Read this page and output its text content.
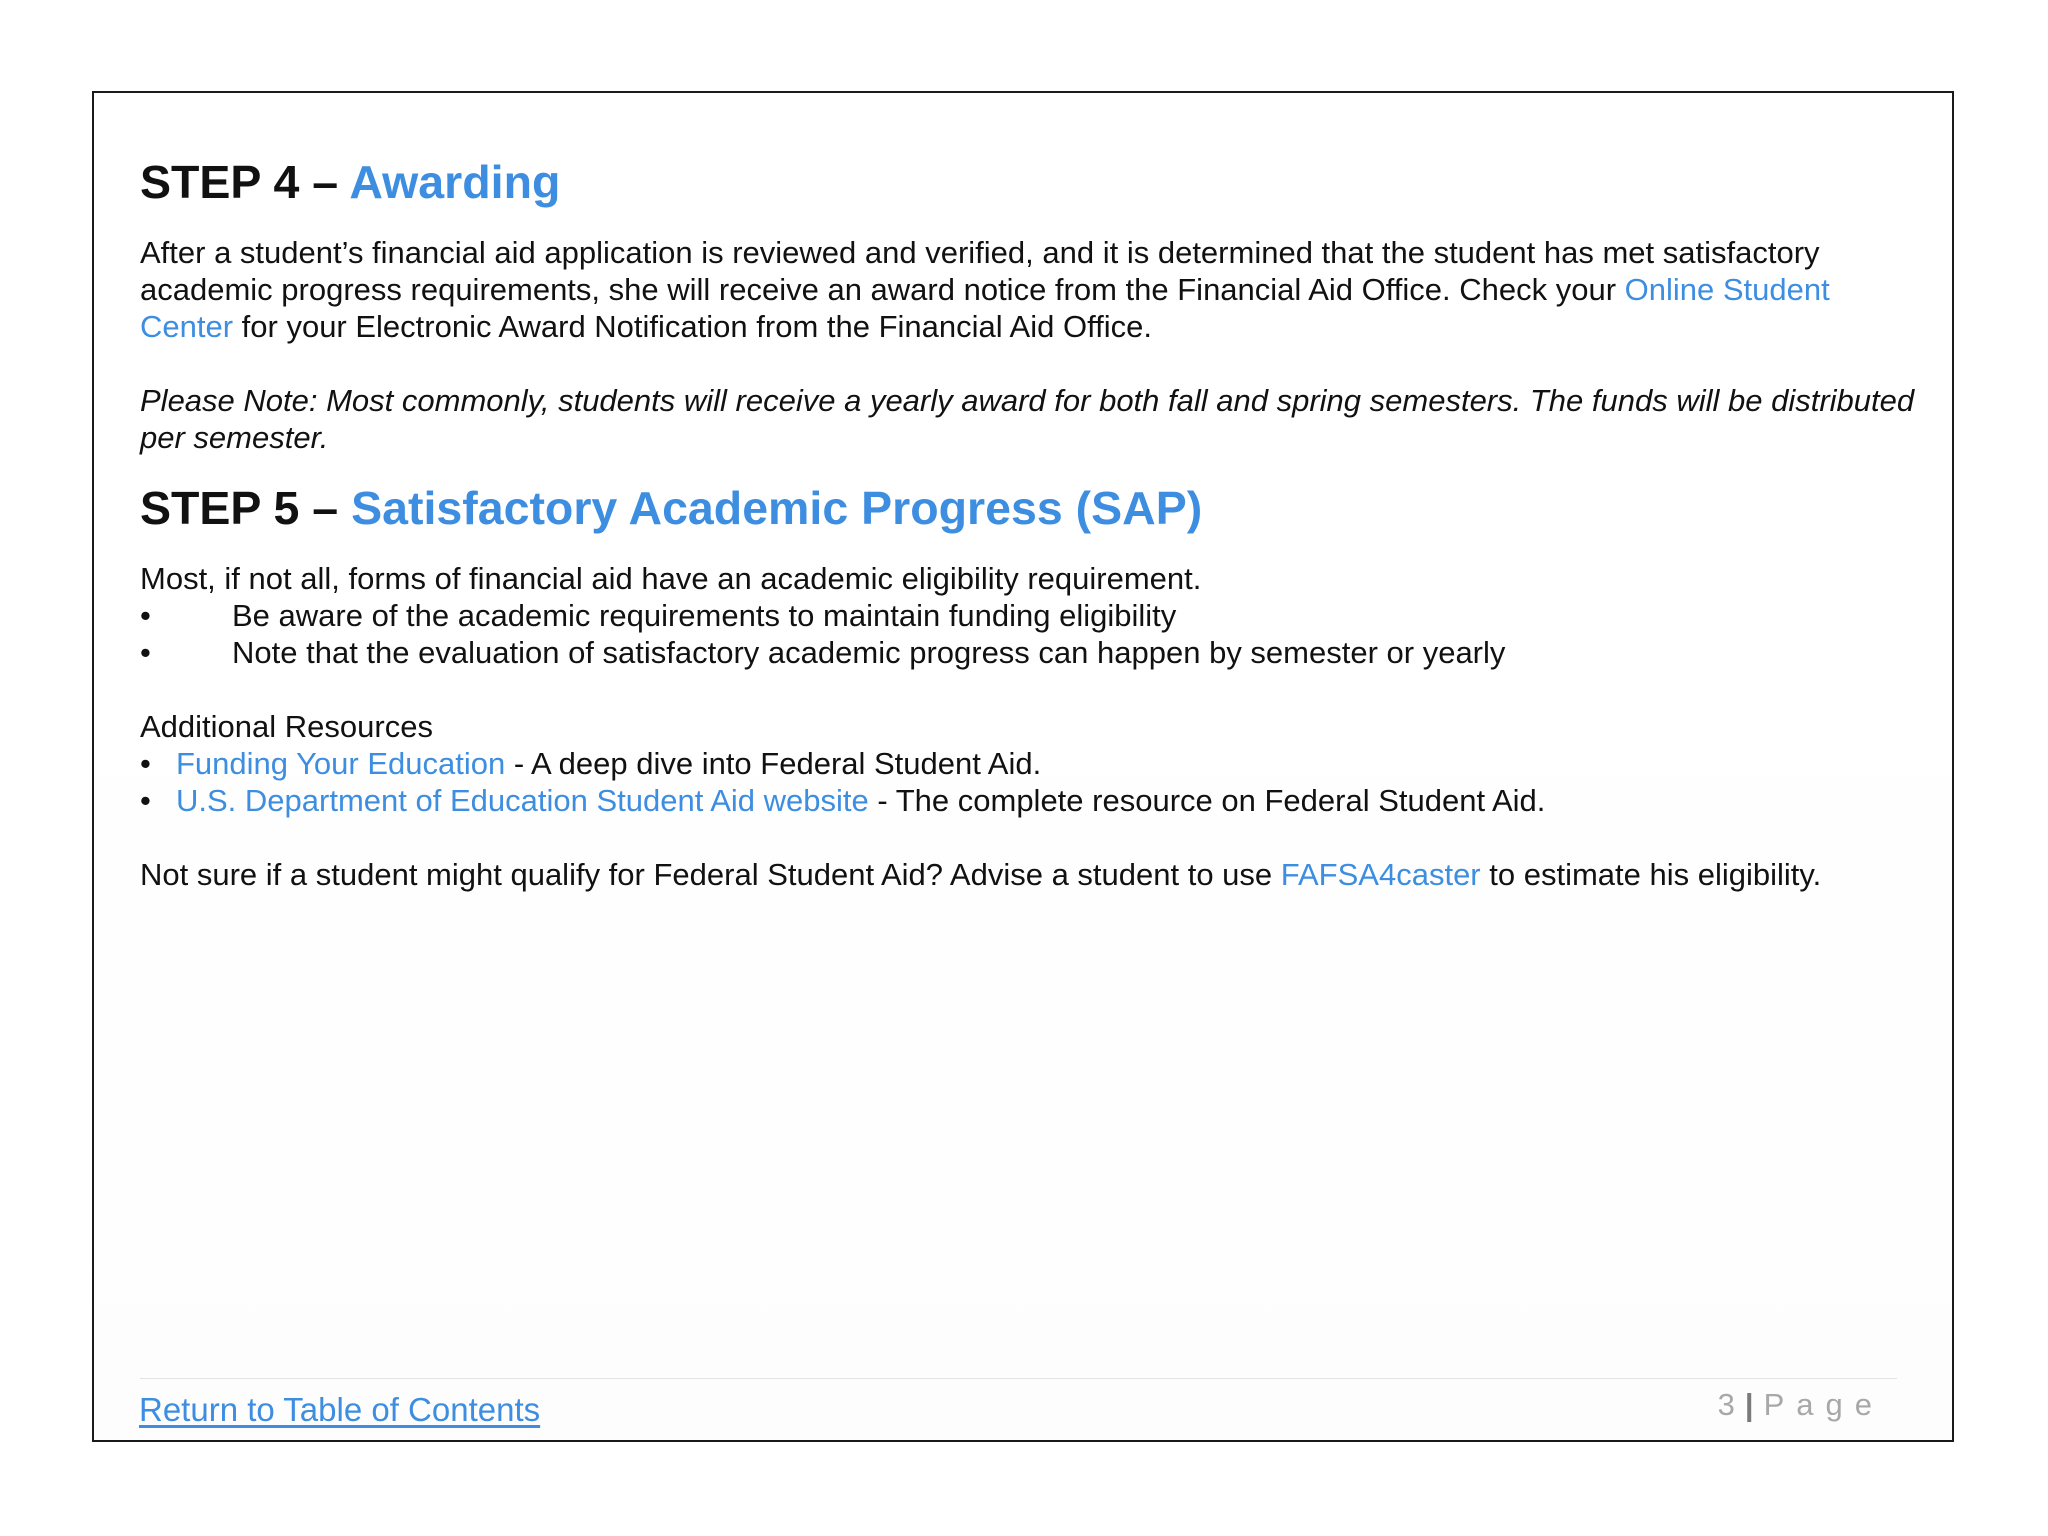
STEP 4 – Awarding

After a student’s financial aid application is reviewed and verified, and it is determined that the student has met satisfactory academic progress requirements, she will receive an award notice from the Financial Aid Office. Check your Online Student Center for your Electronic Award Notification from the Financial Aid Office.

Please Note: Most commonly, students will receive a yearly award for both fall and spring semesters. The funds will be distributed per semester.

STEP 5 – Satisfactory Academic Progress (SAP)

Most, if not all, forms of financial aid have an academic eligibility requirement.

•	Be aware of the academic requirements to maintain funding eligibility
•	Note that the evaluation of satisfactory academic progress can happen by semester or yearly

Additional Resources

• Funding Your Education - A deep dive into Federal Student Aid.
• U.S. Department of Education Student Aid website - The complete resource on Federal Student Aid.

Not sure if a student might qualify for Federal Student Aid? Advise a student to use FAFSA4caster to estimate his eligibility.

Return to Table of Contents	3 | Page
